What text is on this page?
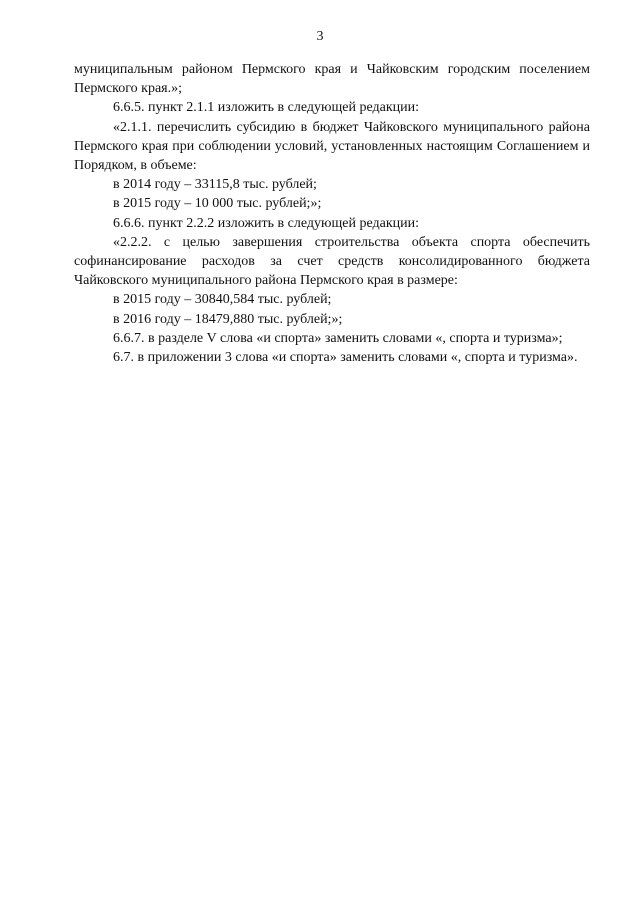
3

муниципальным районом Пермского края и Чайковским городским поселением Пермского края.»;

6.6.5. пункт 2.1.1 изложить в следующей редакции:

«2.1.1. перечислить субсидию в бюджет Чайковского муниципального района Пермского края при соблюдении условий, установленных настоящим Соглашением и Порядком, в объеме:

в 2014 году – 33115,8 тыс. рублей;

в 2015 году – 10 000 тыс. рублей;»;

6.6.6. пункт 2.2.2 изложить в следующей редакции:

«2.2.2. с целью завершения строительства объекта спорта обеспечить софинансирование расходов за счет средств консолидированного бюджета Чайковского муниципального района Пермского края в размере:

в 2015 году – 30840,584 тыс. рублей;

в 2016 году – 18479,880 тыс. рублей;»;

6.6.7. в разделе V слова «и спорта» заменить словами «, спорта и туризма»;

6.7. в приложении 3 слова «и спорта» заменить словами «, спорта и туризма».
